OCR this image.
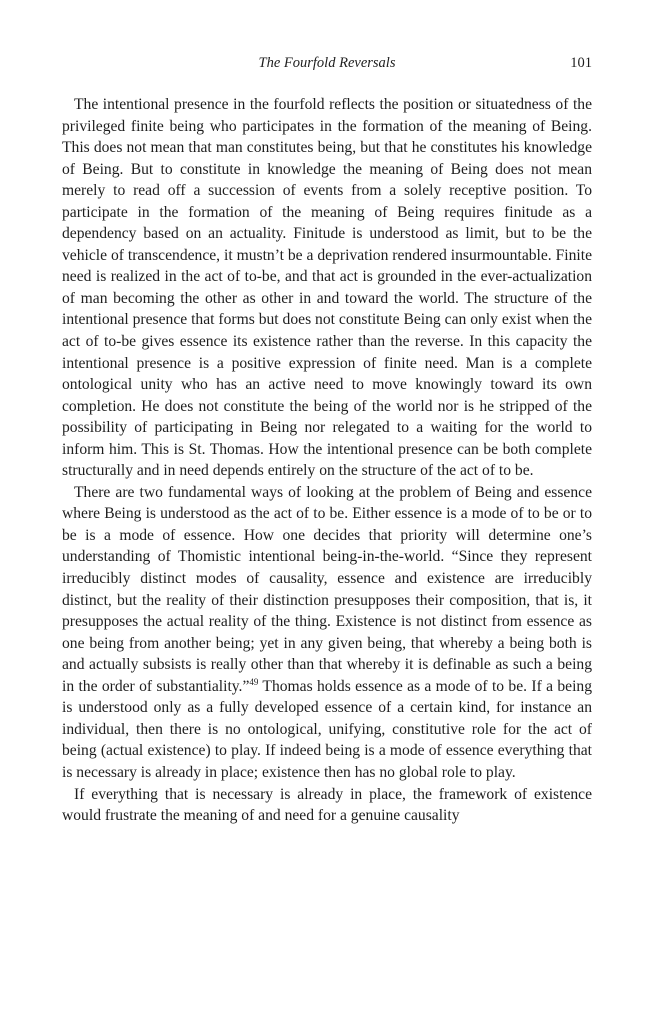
The Fourfold Reversals	101

The intentional presence in the fourfold reflects the position or situatedness of the privileged finite being who participates in the formation of the meaning of Being. This does not mean that man constitutes being, but that he constitutes his knowledge of Being. But to constitute in knowledge the meaning of Being does not mean merely to read off a succession of events from a solely receptive position. To participate in the formation of the meaning of Being requires finitude as a dependency based on an actuality. Finitude is understood as limit, but to be the vehicle of transcendence, it mustn’t be a deprivation rendered insurmountable. Finite need is realized in the act of to-be, and that act is grounded in the ever-actualization of man becoming the other as other in and toward the world. The structure of the intentional presence that forms but does not constitute Being can only exist when the act of to-be gives essence its existence rather than the reverse. In this capacity the intentional presence is a positive expression of finite need. Man is a complete ontological unity who has an active need to move knowingly toward its own completion. He does not constitute the being of the world nor is he stripped of the possibility of participating in Being nor relegated to a waiting for the world to inform him. This is St. Thomas. How the intentional presence can be both complete structurally and in need depends entirely on the structure of the act of to be.

There are two fundamental ways of looking at the problem of Being and essence where Being is understood as the act of to be. Either essence is a mode of to be or to be is a mode of essence. How one decides that priority will determine one’s understanding of Thomistic intentional being-in-the-world. “Since they represent irreducibly distinct modes of causality, essence and existence are irreducibly distinct, but the reality of their distinction presupposes their composition, that is, it presupposes the actual reality of the thing. Existence is not distinct from essence as one being from another being; yet in any given being, that whereby a being both is and actually subsists is really other than that whereby it is definable as such a being in the order of substantiality.”$^{49}$ Thomas holds essence as a mode of to be. If a being is understood only as a fully developed essence of a certain kind, for instance an individual, then there is no ontological, unifying, constitutive role for the act of being (actual existence) to play. If indeed being is a mode of essence everything that is necessary is already in place; existence then has no global role to play.

If everything that is necessary is already in place, the framework of existence would frustrate the meaning of and need for a genuine causality
